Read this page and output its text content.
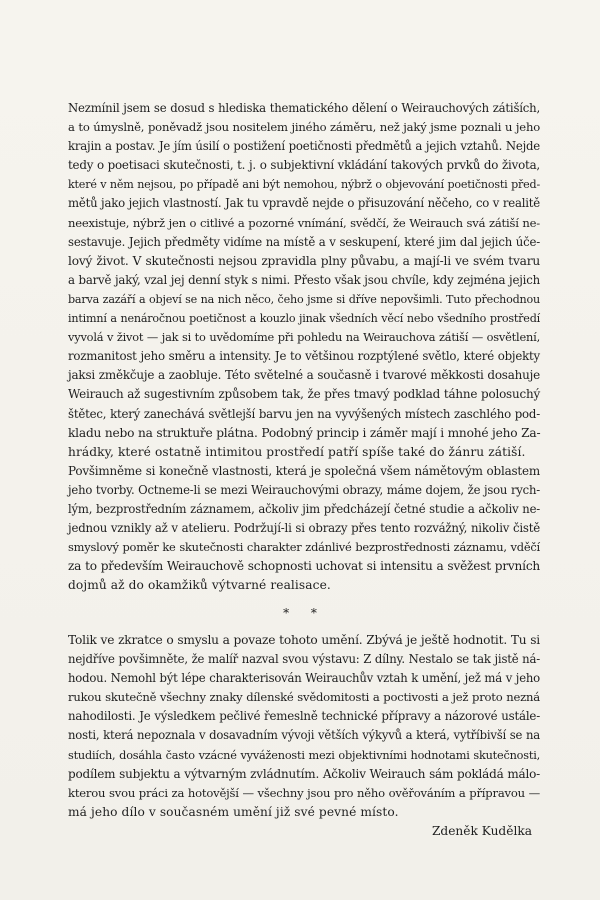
Nezmínil jsem se dosud s hlediska thematického dělení o Weirauchových zátiších,
a to úmyslně, poněvadž jsou nositelem jiného záměru, než jaký jsme poznali u jeho
krajin a postav. Je jím úsilí o postižení poetičnosti předmětů a jejich vztahů. Nejde
tedy o poetisaci skutečnosti, t. j. o subjektivní vkládání takových prvků do života,
které v něm nejsou, po případě ani být nemohou, nýbrž o objevování poetičnosti před-
mětů jako jejich vlastností. Jak tu vpravdě nejde o přisuzování něčeho, co v realitě
neexistuje, nýbrž jen o citlivé a pozorné vnímání, svědčí, že Weirauch svá zátiší ne-
sestavuje. Jejich předměty vidíme na místě a v seskupení, které jim dal jejich úče-
lový život. V skutečnosti nejsou zpravidla plny půvabu, a mají-li ve svém tvaru
a barvě jaký, vzal jej denní styk s nimi. Přesto však jsou chvíle, kdy zejména jejich
barva zazáří a objeví se na nich něco, čeho jsme si dříve nepovšimli. Tuto přechodnou
intimní a nenáročnou poetičnost a kouzlo jinak všedních věcí nebo všedního prostředí
vyvolá v život — jak si to uvědomíme při pohledu na Weirauchova zátiší — osvětlení,
rozmanitost jeho směru a intensity. Je to většinou rozptýlené světlo, které objekty
jaksi změkčuje a zaobluje. Této světelné a současně i tvarové měkkosti dosahuje
Weirauch až sugestivním způsobem tak, že přes tmavý podklad táhne polosuchý
štětec, který zanechává světlejší barvu jen na vyvýšených místech zaschlého pod-
kladu nebo na struktuře plátna. Podobný princip i záměr mají i mnohé jeho Za-
hrádky, které ostatně intimitou prostředí patří spíše také do žánru zátiší.

Povšimněme si konečně vlastnosti, která je společná všem námětovým oblastem
jeho tvorby. Octneme-li se mezi Weirauchovými obrazy, máme dojem, že jsou rych-
lým, bezprostředním záznamem, ačkoliv jim předcházejí četné studie a ačkoliv ne-
jednou vznikly až v atelieru. Podržují-li si obrazy přes tento rozvážný, nikoliv čistě
smyslový poměr ke skutečnosti charakter zdánlivé bezprostřednosti záznamu, vděčí
za to především Weirauchově schopnosti uchovat si intensitu a svěžest prvních
dojmů až do okamžiků výtvarné realisace.

* *

Tolik ve zkratce o smyslu a povaze tohoto umění. Zbývá je ještě hodnotit. Tu si
nejdříve povšimněte, že malíř nazval svou výstavu: Z dílny. Nestalo se tak jistě ná-
hodou. Nemohl být lépe charakterisován Weirauchův vztah k umění, jež má v jeho
rukou skutečně všechny znaky dílenské svědomitosti a poctivosti a jež proto nezná
nahodilosti. Je výsledkem pečlivé řemeslně technické přípravy a názorové ustále-
nosti, která nepoznala v dosavadním vývoji větších výkyvů a která, vytříbivší se na
studiích, dosáhla často vzácné vyváženosti mezi objektivními hodnotami skutečnosti,
podílem subjektu a výtvarným zvládnutím. Ačkoliv Weirauch sám pokládá málo-
kterou svou práci za hotovější — všechny jsou pro něho ověřováním a přípravou —
má jeho dílo v současném umění již své pevné místo.

Zdeněk Kudělka
